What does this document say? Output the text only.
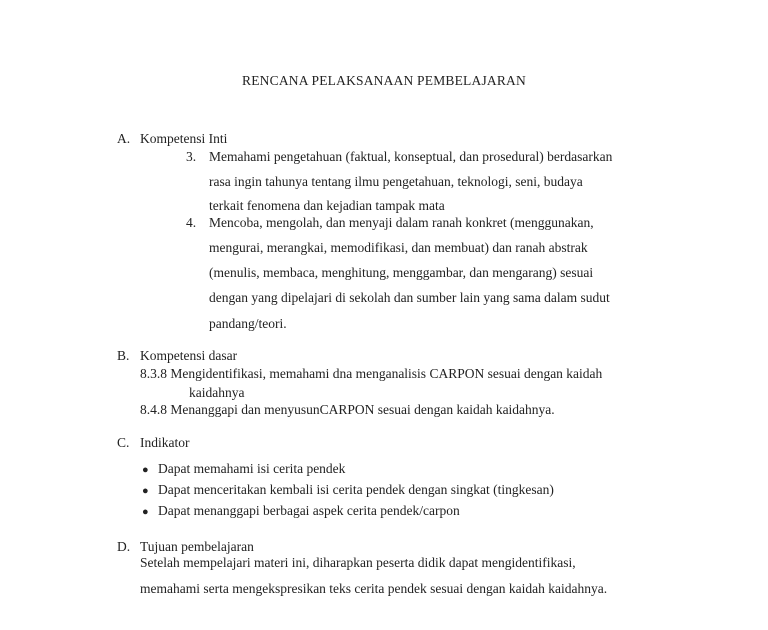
RENCANA PELAKSANAAN PEMBELAJARAN
A. Kompetensi Inti
3. Memahami pengetahuan (faktual, konseptual, dan prosedural) berdasarkan
rasa ingin tahunya tentang ilmu pengetahuan, teknologi, seni, budaya
terkait fenomena dan kejadian tampak mata
4. Mencoba, mengolah, dan menyaji dalam ranah konkret (menggunakan,
mengurai, merangkai, memodifikasi, dan membuat) dan ranah abstrak
(menulis, membaca, menghitung, menggambar, dan mengarang) sesuai
dengan yang dipelajari di sekolah dan sumber lain yang sama dalam sudut
pandang/teori.
B. Kompetensi dasar
8.3.8 Mengidentifikasi, memahami dna menganalisis CARPON sesuai dengan kaidah
kaidahnya
8.4.8 Menanggapi dan menyusunCARPON sesuai dengan kaidah kaidahnya.
C. Indikator
● Dapat memahami isi cerita pendek
● Dapat menceritakan kembali isi cerita pendek dengan singkat (tingkesan)
● Dapat menanggapi berbagai aspek cerita pendek/carpon
D. Tujuan pembelajaran
Setelah mempelajari materi ini, diharapkan peserta didik dapat mengidentifikasi,
memahami serta mengekspresikan teks cerita pendek sesuai dengan kaidah kaidahnya.
